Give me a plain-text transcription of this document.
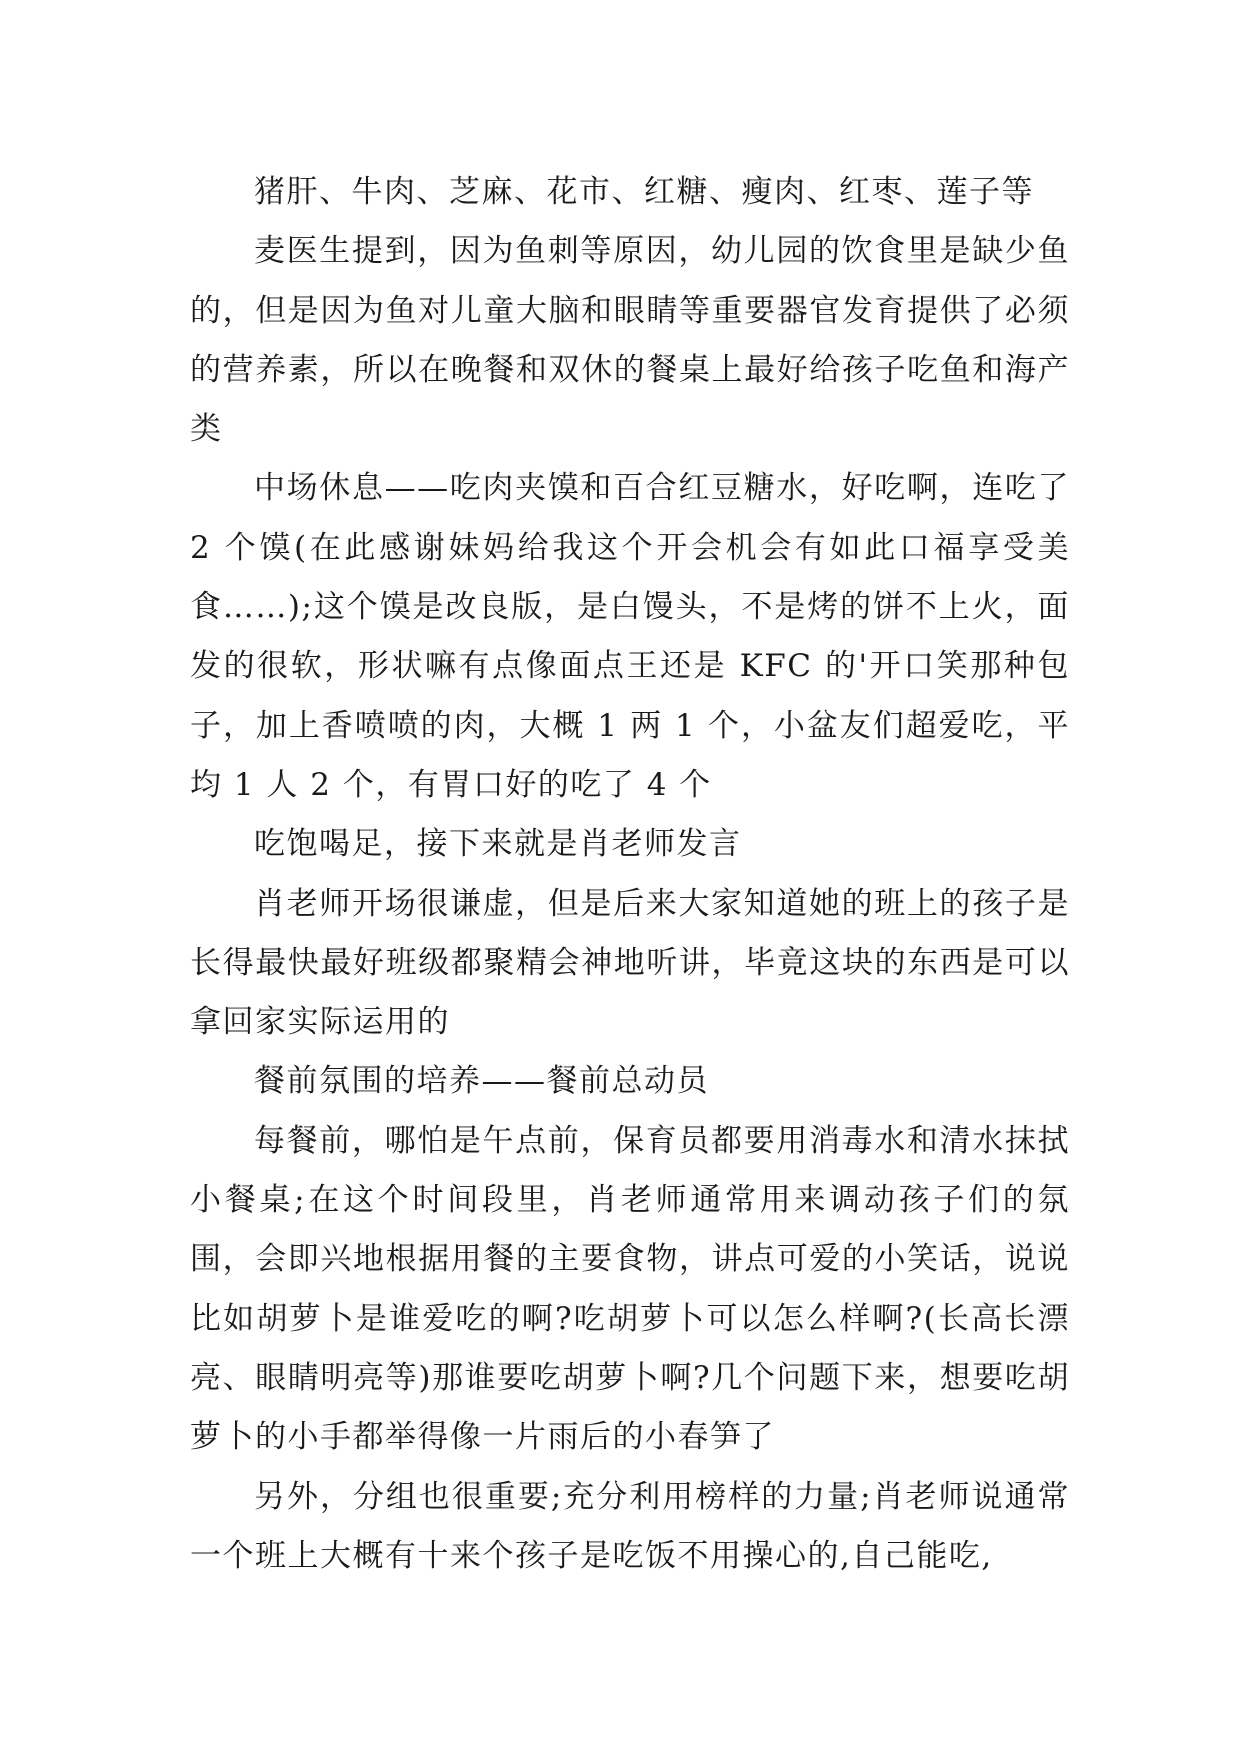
猪肝、牛肉、芝麻、花市、红糖、瘦肉、红枣、莲子等

麦医生提到，因为鱼刺等原因，幼儿园的饮食里是缺少鱼的，但是因为鱼对儿童大脑和眼睛等重要器官发育提供了必须的营养素，所以在晚餐和双休的餐桌上最好给孩子吃鱼和海产类

中场休息——吃肉夹馍和百合红豆糖水，好吃啊，连吃了 2 个馍(在此感谢妹妈给我这个开会机会有如此口福享受美食……);这个馍是改良版，是白馒头，不是烤的饼不上火，面发的很软，形状嘛有点像面点王还是 KFC 的'开口笑那种包子，加上香喷喷的肉，大概 1 两 1 个，小盆友们超爱吃，平均 1 人 2 个，有胃口好的吃了 4 个

吃饱喝足，接下来就是肖老师发言

肖老师开场很谦虚，但是后来大家知道她的班上的孩子是长得最快最好班级都聚精会神地听讲，毕竟这块的东西是可以拿回家实际运用的

餐前氛围的培养——餐前总动员

每餐前，哪怕是午点前，保育员都要用消毒水和清水抹拭小餐桌;在这个时间段里，肖老师通常用来调动孩子们的氛围，会即兴地根据用餐的主要食物，讲点可爱的小笑话，说说比如胡萝卜是谁爱吃的啊?吃胡萝卜可以怎么样啊?(长高长漂亮、眼睛明亮等)那谁要吃胡萝卜啊?几个问题下来，想要吃胡萝卜的小手都举得像一片雨后的小春笋了

另外，分组也很重要;充分利用榜样的力量;肖老师说通常一个班上大概有十来个孩子是吃饭不用操心的,自己能吃,
